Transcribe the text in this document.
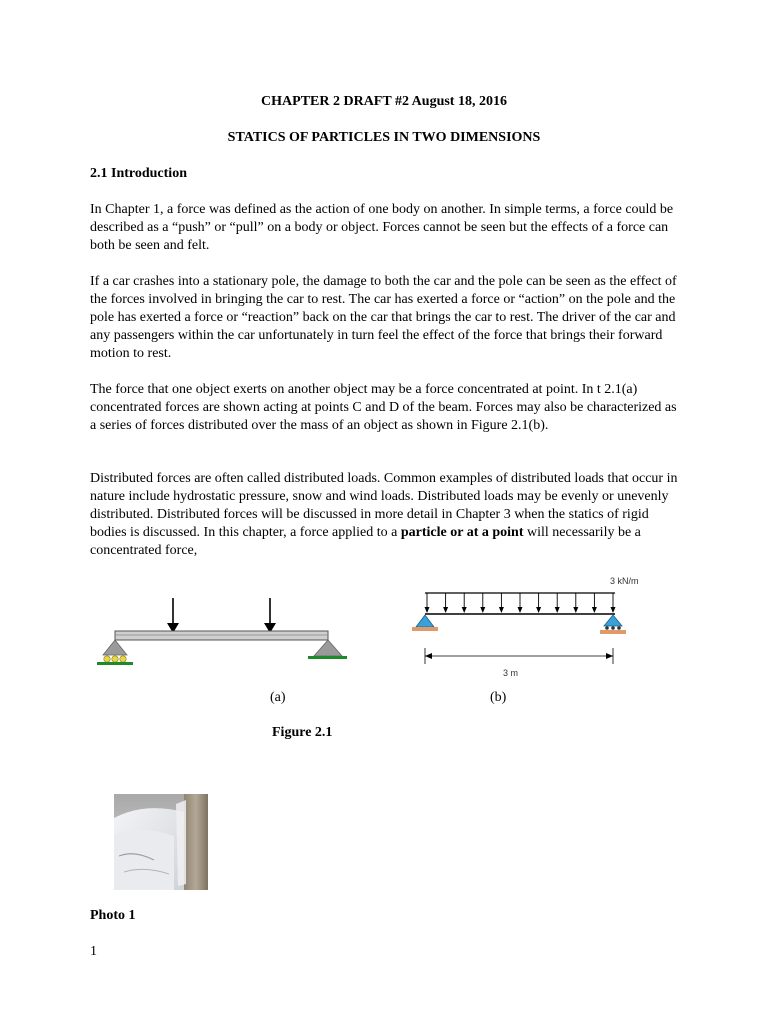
CHAPTER 2 DRAFT #2 August 18, 2016
STATICS OF PARTICLES IN TWO DIMENSIONS
2.1 Introduction

In Chapter 1, a force was defined as the action of one body on another. In simple terms, a force could be described as a “push” or “pull” on a body or object. Forces cannot be seen but the effects of a force can both be seen and felt.

If a car crashes into a stationary pole, the damage to both the car and the pole can be seen as the effect of the forces involved in bringing the car to rest. The car has exerted a force or “action” on the pole and the pole has exerted a force or “reaction” back on the car that brings the car to rest. The driver of the car and any passengers within the car unfortunately in turn feel the effect of the force that brings their forward motion to rest.

The force that one object exerts on another object may be a force concentrated at point. In t 2.1(a) concentrated forces are shown acting at points C and D of the beam. Forces may also be characterized as a series of forces distributed over the mass of an object as shown in Figure 2.1(b).

Distributed forces are often called distributed loads. Common examples of distributed loads that occur in nature include hydrostatic pressure, snow and wind loads. Distributed loads may be evenly or unevenly distributed. Distributed forces will be discussed in more detail in Chapter 3 when the statics of rigid bodies is discussed. In this chapter, a force applied to a particle or at a point will necessarily be a concentrated force,

3 kN/m
3 m
(a)	(b)
Figure 2.1
Photo 1
1
